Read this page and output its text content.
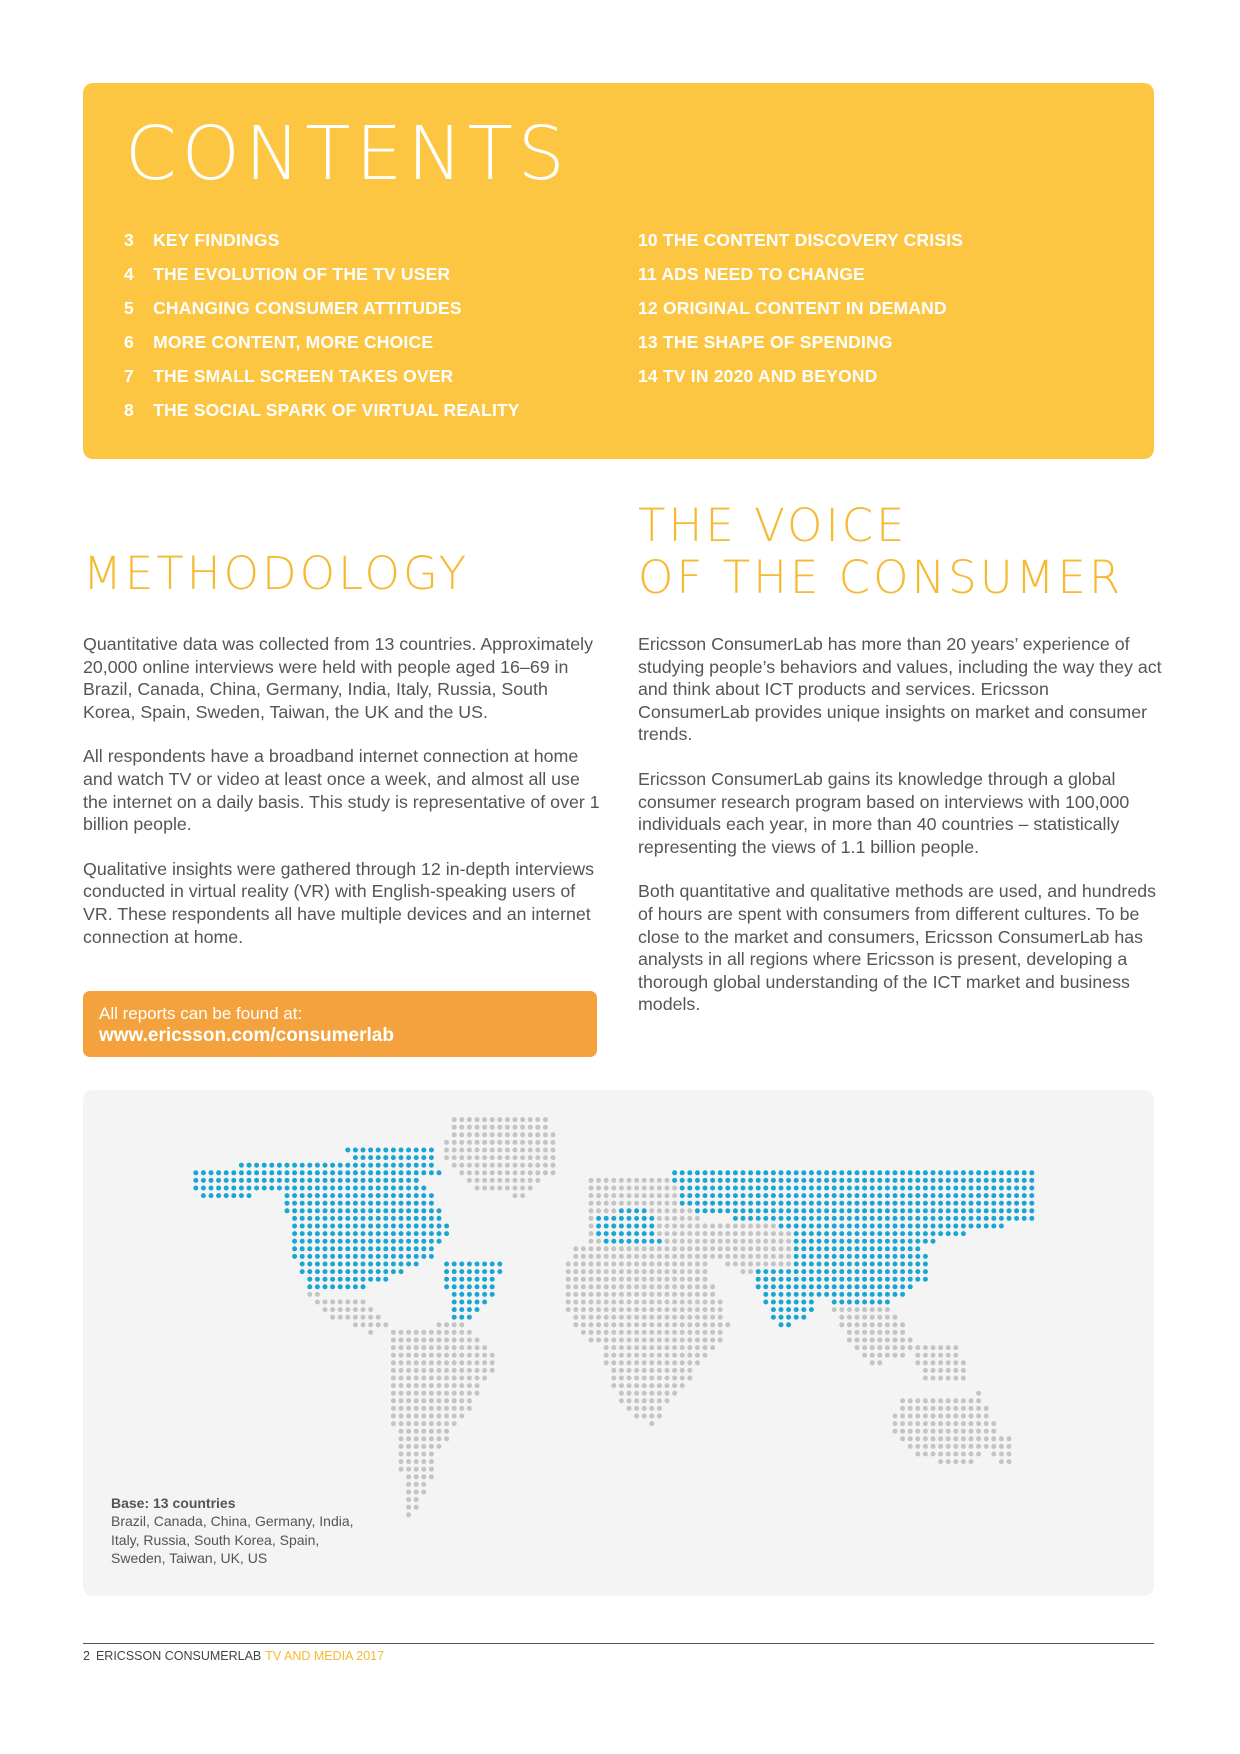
CONTENTS
3 KEY FINDINGS
4 THE EVOLUTION OF THE TV USER
5 CHANGING CONSUMER ATTITUDES
6 MORE CONTENT, MORE CHOICE
7 THE SMALL SCREEN TAKES OVER
8 THE SOCIAL SPARK OF VIRTUAL REALITY
10 THE CONTENT DISCOVERY CRISIS
11 ADS NEED TO CHANGE
12 ORIGINAL CONTENT IN DEMAND
13 THE SHAPE OF SPENDING
14 TV IN 2020 AND BEYOND
METHODOLOGY

Quantitative data was collected from 13 countries. Approximately 20,000 online interviews were held with people aged 16–69 in Brazil, Canada, China, Germany, India, Italy, Russia, South Korea, Spain, Sweden, Taiwan, the UK and the US.

All respondents have a broadband internet connection at home and watch TV or video at least once a week, and almost all use the internet on a daily basis. This study is representative of over 1 billion people.

Qualitative insights were gathered through 12 in-depth interviews conducted in virtual reality (VR) with English-speaking users of VR. These respondents all have multiple devices and an internet connection at home.

All reports can be found at:
www.ericsson.com/consumerlab
THE VOICE
OF THE CONSUMER

Ericsson ConsumerLab has more than 20 years’ experience of studying people’s behaviors and values, including the way they act and think about ICT products and services. Ericsson ConsumerLab provides unique insights on market and consumer trends.

Ericsson ConsumerLab gains its knowledge through a global consumer research program based on interviews with 100,000 individuals each year, in more than 40 countries – statistically representing the views of 1.1 billion people.

Both quantitative and qualitative methods are used, and hundreds of hours are spent with consumers from different cultures. To be close to the market and consumers, Ericsson ConsumerLab has analysts in all regions where Ericsson is present, developing a thorough global understanding of the ICT market and business models.

Base: 13 countries
Brazil, Canada, China, Germany, India, Italy, Russia, South Korea, Spain, Sweden, Taiwan, UK, US
2 ERICSSON CONSUMERLAB TV AND MEDIA 2017
